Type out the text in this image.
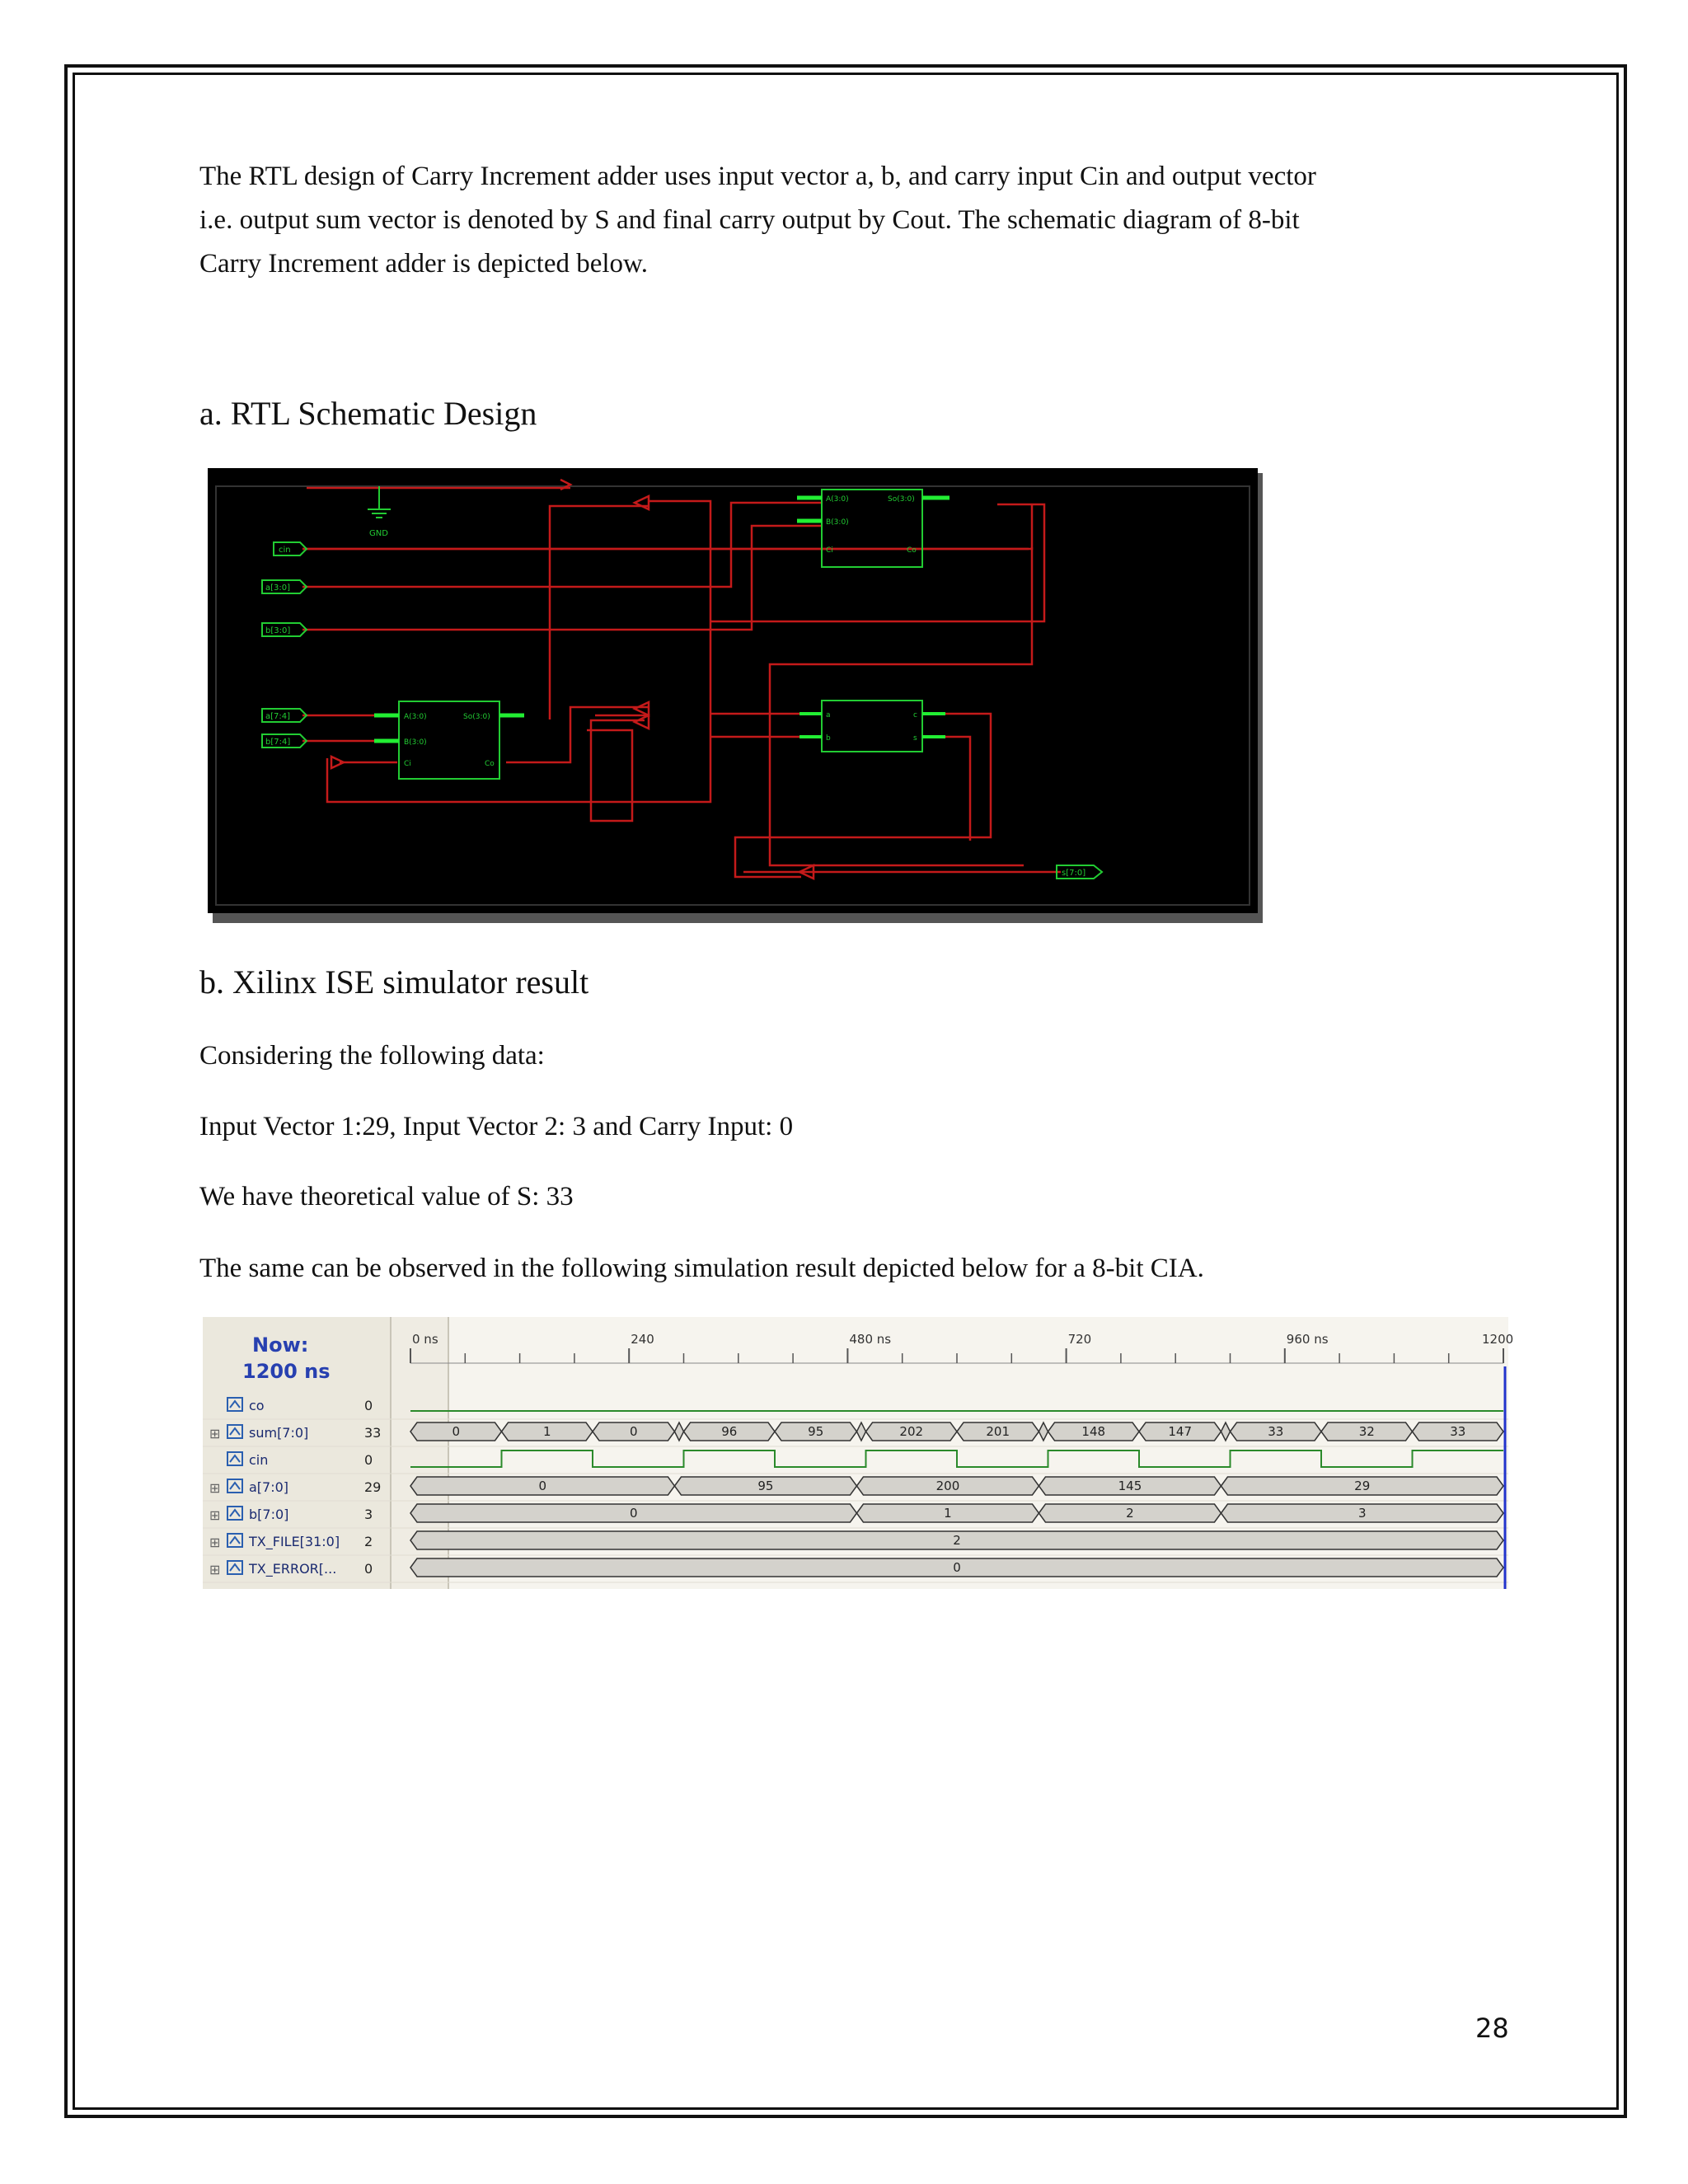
The RTL design of Carry Increment adder uses input vector a, b, and carry input Cin and output vector
i.e. output sum vector is denoted by S and final carry output by Cout. The schematic diagram of 8-bit
Carry Increment adder is depicted below.
a. RTL Schematic Design
GND
cin
a[3:0]
b[3:0]
a[7:4]
b[7:4]
s[7:0]
A(3:0)
B(3:0)
Ci
So(3:0)
Co
A(3:0)
B(3:0)
Ci
So(3:0)
Co
a
b
c
s
b. Xilinx ISE simulator result
Considering the following data:
Input Vector 1:29, Input Vector 2: 3 and Carry Input: 0
We have theoretical value of S: 33
The same can be observed in the following simulation result depicted below for a 8-bit CIA.
Now:
1200 ns
0 ns	240	480 ns	720	960 ns	1200
co	0
⊞ sum[7:0]	33
cin	0
⊞ a[7:0]	29
⊞ b[7:0]	3
⊞ TX_FILE[31:0] 2
⊞ TX_ERROR[... 0
0	1	0	96	95	202	201	148	147	33	32	33
0	95	200	145	29
0	1	2	3
2
0
28
